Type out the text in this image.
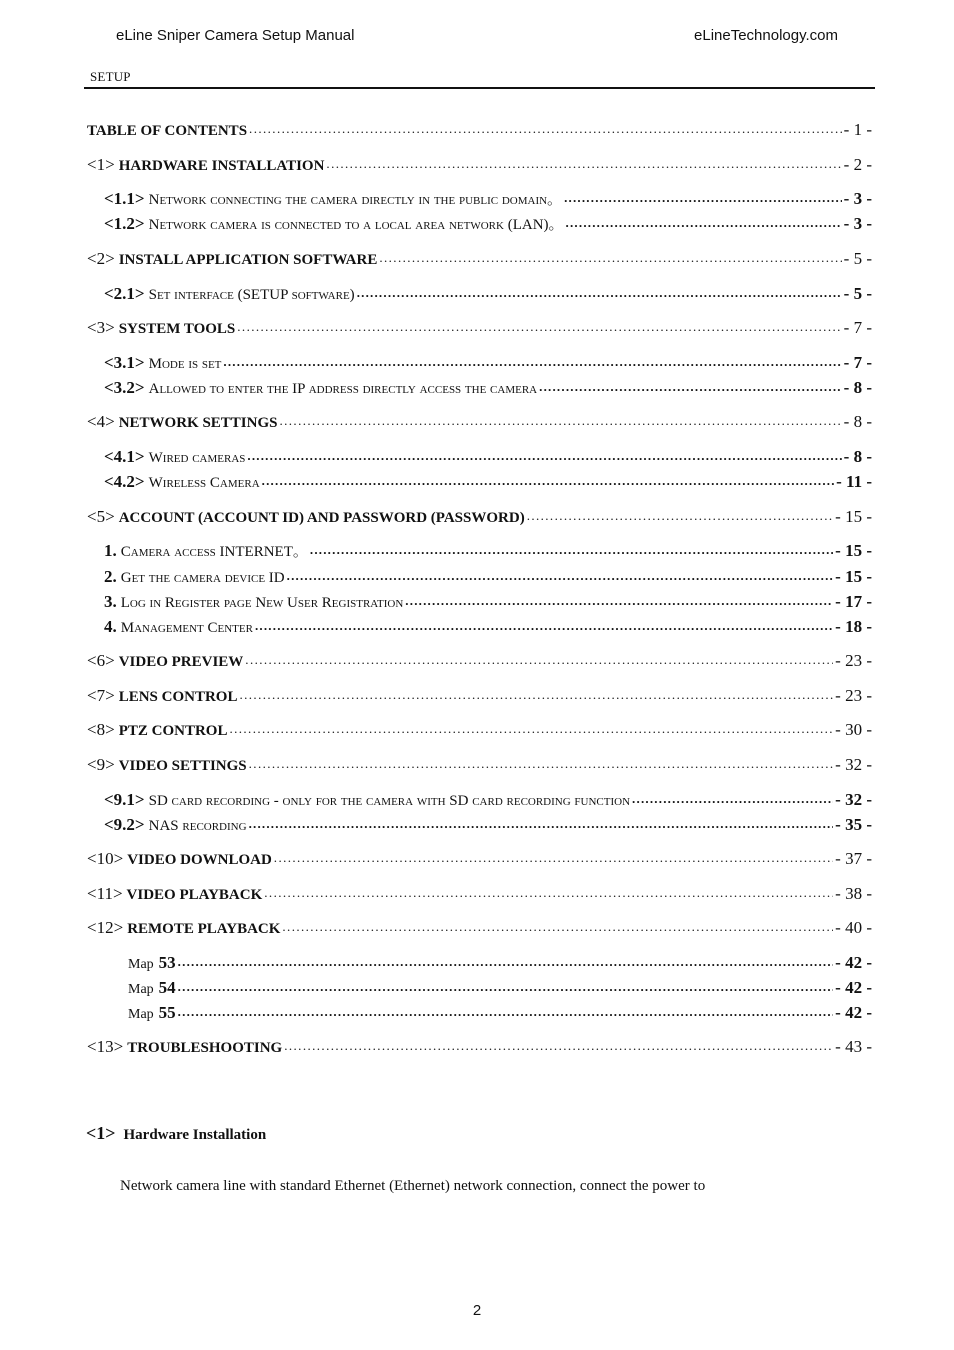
eLine Sniper Camera Setup Manual	eLineTechnology.com
SETUP
TABLE OF CONTENTS .....	- 1 -
<1> HARDWARE INSTALLATION .....	- 2 -
<1.1> Network connecting the camera directly in the public domain。 .....	- 3 -
<1.2> Network camera is connected to a local area network (LAN)。 .....	- 3 -
<2> INSTALL APPLICATION SOFTWARE .....	- 5 -
<2.1> Set interface (SETUP software) .....	- 5 -
<3> SYSTEM TOOLS .....	- 7 -
<3.1> Mode is set .....	- 7 -
<3.2> Allowed to enter the IP address directly access the camera .....	- 8 -
<4> NETWORK SETTINGS .....	- 8 -
<4.1> Wired cameras .....	- 8 -
<4.2> Wireless Camera .....	- 11 -
<5> ACCOUNT (ACCOUNT ID) AND PASSWORD (PASSWORD) .....	- 15 -
1. Camera access INTERNET。 .....	- 15 -
2. Get the camera device ID .....	- 15 -
3. Log in Register page New User Registration .....	- 17 -
4. Management Center .....	- 18 -
<6> VIDEO PREVIEW .....	- 23 -
<7> LENS CONTROL .....	- 23 -
<8> PTZ CONTROL .....	- 30 -
<9> VIDEO SETTINGS .....	- 32 -
<9.1> SD card recording - only for the camera with SD card recording function .....	- 32 -
<9.2> NAS recording .....	- 35 -
<10> VIDEO DOWNLOAD .....	- 37 -
<11> VIDEO PLAYBACK .....	- 38 -
<12> REMOTE PLAYBACK .....	- 40 -
Map 53 .....	- 42 -
Map 54 .....	- 42 -
Map 55 .....	- 42 -
<13> TROUBLESHOOTING .....	- 43 -
<1> Hardware Installation
Network camera line with standard Ethernet (Ethernet) network connection, connect the power to
2
